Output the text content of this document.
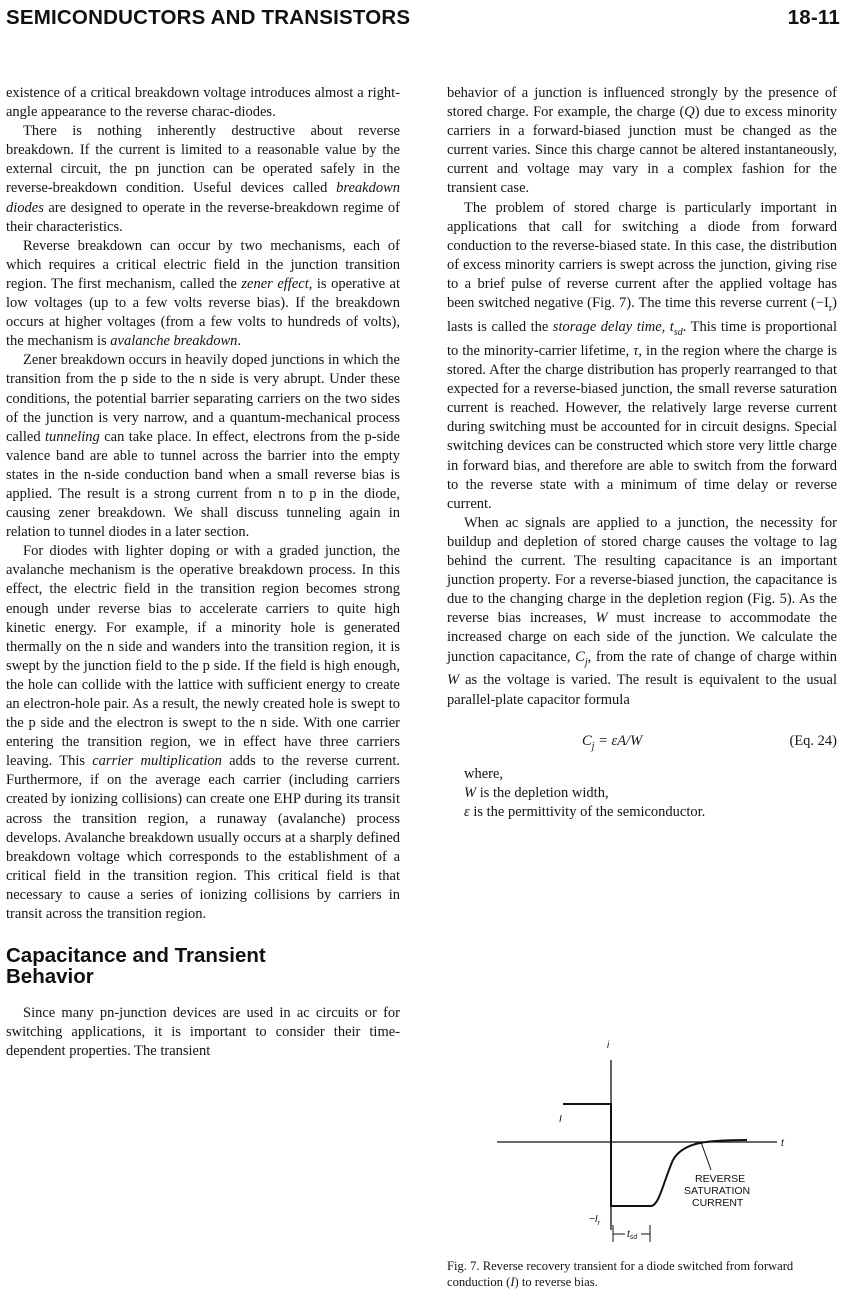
SEMICONDUCTORS AND TRANSISTORS	18-11

existence of a critical breakdown voltage introduces almost a right-angle appearance to the reverse charac-diodes.

There is nothing inherently destructive about reverse breakdown. If the current is limited to a reasonable value by the external circuit, the pn junction can be operated safely in the reverse-breakdown condition. Useful devices called breakdown diodes are designed to operate in the reverse-breakdown regime of their characteristics.

Reverse breakdown can occur by two mechanisms, each of which requires a critical electric field in the junction transition region. The first mechanism, called the zener effect, is operative at low voltages (up to a few volts reverse bias). If the breakdown occurs at higher voltages (from a few volts to hundreds of volts), the mechanism is avalanche breakdown.

Zener breakdown occurs in heavily doped junctions in which the transition from the p side to the n side is very abrupt. Under these conditions, the potential barrier separating carriers on the two sides of the junction is very narrow, and a quantum-mechanical process called tunneling can take place. In effect, electrons from the p-side valence band are able to tunnel across the barrier into the empty states in the n-side conduction band when a small reverse bias is applied. The result is a strong current from n to p in the diode, causing zener breakdown. We shall discuss tunneling again in relation to tunnel diodes in a later section.

For diodes with lighter doping or with a graded junction, the avalanche mechanism is the operative breakdown process. In this effect, the electric field in the transition region becomes strong enough under reverse bias to accelerate carriers to quite high kinetic energy. For example, if a minority hole is generated thermally on the n side and wanders into the transition region, it is swept by the junction field to the p side. If the field is high enough, the hole can collide with the lattice with sufficient energy to create an electron-hole pair. As a result, the newly created hole is swept to the p side and the electron is swept to the n side. With one carrier entering the transition region, we in effect have three carriers leaving. This carrier multiplication adds to the reverse current. Furthermore, if on the average each carrier (including carriers created by ionizing collisions) can create one EHP during its transit across the transition region, a runaway (avalanche) process develops. Avalanche breakdown usually occurs at a sharply defined breakdown voltage which corresponds to the establishment of a critical field in the transition region. This critical field is that necessary to cause a series of ionizing collisions by carriers in transit across the transition region.

Capacitance and Transient
Behavior

Since many pn-junction devices are used in ac circuits or for switching applications, it is important to consider their time-dependent properties. The transient

behavior of a junction is influenced strongly by the presence of stored charge. For example, the charge (Q) due to excess minority carriers in a forward-biased junction must be changed as the current varies. Since this charge cannot be altered instantaneously, current and voltage may vary in a complex fashion for the transient case.

The problem of stored charge is particularly important in applications that call for switching a diode from forward conduction to the reverse-biased state. In this case, the distribution of excess minority carriers is swept across the junction, giving rise to a brief pulse of reverse current after the applied voltage has been switched negative (Fig. 7). The time this reverse current $(-I_r)$ lasts is called the storage delay time, $t_{sd}$. This time is proportional to the minority-carrier lifetime, τ, in the region where the charge is stored. After the charge distribution has properly rearranged to that expected for a reverse-biased junction, the small reverse saturation current is reached. However, the relatively large reverse current during switching must be accounted for in circuit designs. Special switching devices can be constructed which store very little charge in forward bias, and therefore are able to switch from the forward to the reverse state with a minimum of time delay or reverse current.

When ac signals are applied to a junction, the necessity for buildup and depletion of stored charge causes the voltage to lag behind the current. The resulting capacitance is an important junction property. For a reverse-biased junction, the capacitance is due to the changing charge in the depletion region (Fig. 5). As the reverse bias increases, W must increase to accommodate the increased charge on each side of the junction. We calculate the junction capacitance, $C_j$, from the rate of change of charge within W as the voltage is varied. The result is equivalent to the usual parallel-plate capacitor formula

$C_j = \varepsilon A/W$	(Eq. 24)

where,

W is the depletion width,
ε is the permittivity of the semiconductor.
i
t
I
$-I_r$
$t_{sd}$
REVERSE
SATURATION
CURRENT
Fig. 7. Reverse recovery transient for a diode switched from forward conduction (I) to reverse bias.
